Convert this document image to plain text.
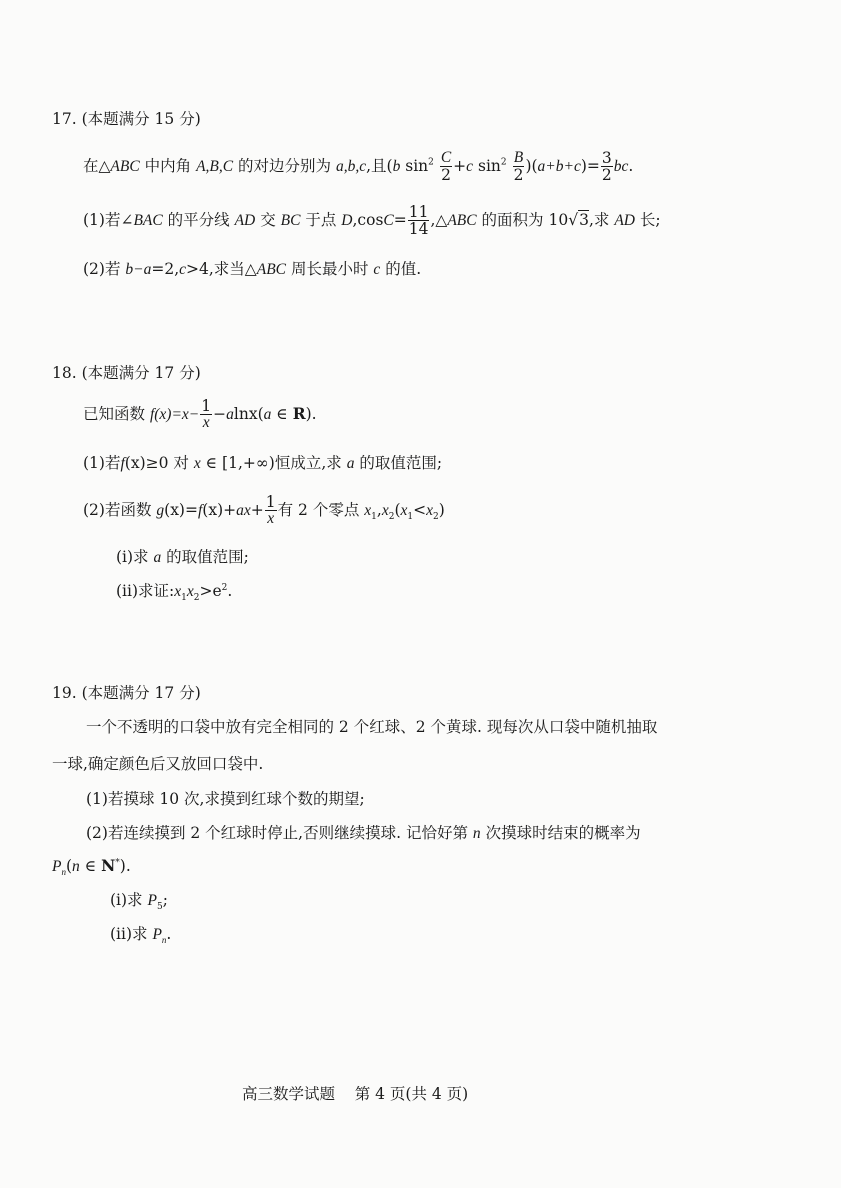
17. (本题满分 15 分)
在△ABC 中内角 A,B,C 的对边分别为 a,b,c,且(b $\sin^2 \frac{C}{2} +c$ $\sin^2 \frac{B}{2} )(a+b+c)= \frac{3}{2}$ bc.
(1)若∠BAC 的平分线 AD 交 BC 于点 $D,\cos C= \frac{11}{14}$ ,△ABC 的面积为 10√3,求 AD 长;
(2)若 b−a=2,c>4,求当△ABC 周长最小时 c 的值.
18. (本题满分 17 分)
已知函数 $f(x)=x- \frac{1}{x} -alnx(a$ ∈ R).
(1)若f(x)≥0 对 x ∈ [1,+∞)恒成立,求 a 的取值范围;
(2)若函数 $g(x)=f(x)+ax+ \frac{1}{x}$ 有 2 个零点 $x_1,x_2(x_1<x_2)$
(i)求 a 的取值范围;
(ii)求证$:x_1x_2>e^2$.
19. (本题满分 17 分)
一个不透明的口袋中放有完全相同的 2 个红球、2 个黄球. 现每次从口袋中随机抽取
一球,确定颜色后又放回口袋中.
(1)若摸球 10 次,求摸到红球个数的期望;
(2)若连续摸到 2 个红球时停止,否则继续摸球. 记恰好第 n 次摸球时结束的概率为
$P_n(n$ ∈ N*).
(i)求 $P_5$;
(ii)求 $P_n$.
高三数学试题    第 4 页(共 4 页)
